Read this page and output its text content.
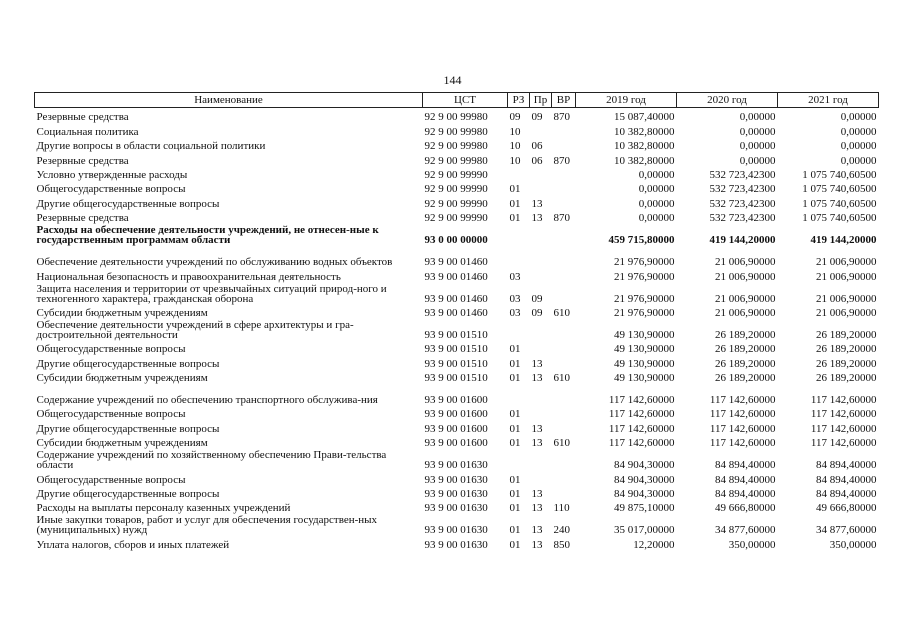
144
Наименование	ЦСТ	РЗ	Пр	ВР	2019 год	2020 год	2021 год
Резервные средства	92 9 00 99980	09	09	870	15 087,40000	0,00000	0,00000
Социальная политика	92 9 00 99980	10			10 382,80000	0,00000	0,00000
Другие вопросы в области социальной политики	92 9 00 99980	10	06		10 382,80000	0,00000	0,00000
Резервные средства	92 9 00 99980	10	06	870	10 382,80000	0,00000	0,00000
Условно утвержденные расходы	92 9 00 99990				0,00000	532 723,42300	1 075 740,60500
Общегосударственные вопросы	92 9 00 99990	01			0,00000	532 723,42300	1 075 740,60500
Другие общегосударственные вопросы	92 9 00 99990	01	13		0,00000	532 723,42300	1 075 740,60500
Резервные средства	92 9 00 99990	01	13	870	0,00000	532 723,42300	1 075 740,60500
Расходы на обеспечение деятельности учреждений, не отнесен-ные к государственным программам области	93 0 00 00000				459 715,80000	419 144,20000	419 144,20000
Обеспечение деятельности учреждений по обслуживанию водных объектов	93 9 00 01460				21 976,90000	21 006,90000	21 006,90000
Национальная безопасность и правоохранительная деятельность	93 9 00 01460	03			21 976,90000	21 006,90000	21 006,90000
Защита населения и территории от чрезвычайных ситуаций природ-ного и техногенного характера, гражданская оборона	93 9 00 01460	03	09		21 976,90000	21 006,90000	21 006,90000
Субсидии бюджетным учреждениям	93 9 00 01460	03	09	610	21 976,90000	21 006,90000	21 006,90000
Обеспечение деятельности учреждений в сфере архитектуры и гра-достроительной деятельности	93 9 00 01510				49 130,90000	26 189,20000	26 189,20000
Общегосударственные вопросы	93 9 00 01510	01			49 130,90000	26 189,20000	26 189,20000
Другие общегосударственные вопросы	93 9 00 01510	01	13		49 130,90000	26 189,20000	26 189,20000
Субсидии бюджетным учреждениям	93 9 00 01510	01	13	610	49 130,90000	26 189,20000	26 189,20000
Содержание учреждений по обеспечению транспортного обслужива-ния	93 9 00 01600				117 142,60000	117 142,60000	117 142,60000
Общегосударственные вопросы	93 9 00 01600	01			117 142,60000	117 142,60000	117 142,60000
Другие общегосударственные вопросы	93 9 00 01600	01	13		117 142,60000	117 142,60000	117 142,60000
Субсидии бюджетным учреждениям	93 9 00 01600	01	13	610	117 142,60000	117 142,60000	117 142,60000
Содержание учреждений по хозяйственному обеспечению Прави-тельства области	93 9 00 01630				84 904,30000	84 894,40000	84 894,40000
Общегосударственные вопросы	93 9 00 01630	01			84 904,30000	84 894,40000	84 894,40000
Другие общегосударственные вопросы	93 9 00 01630	01	13		84 904,30000	84 894,40000	84 894,40000
Расходы на выплаты персоналу казенных учреждений	93 9 00 01630	01	13	110	49 875,10000	49 666,80000	49 666,80000
Иные закупки товаров, работ и услуг для обеспечения государствен-ных (муниципальных) нужд	93 9 00 01630	01	13	240	35 017,00000	34 877,60000	34 877,60000
Уплата налогов, сборов и иных платежей	93 9 00 01630	01	13	850	12,20000	350,00000	350,00000
